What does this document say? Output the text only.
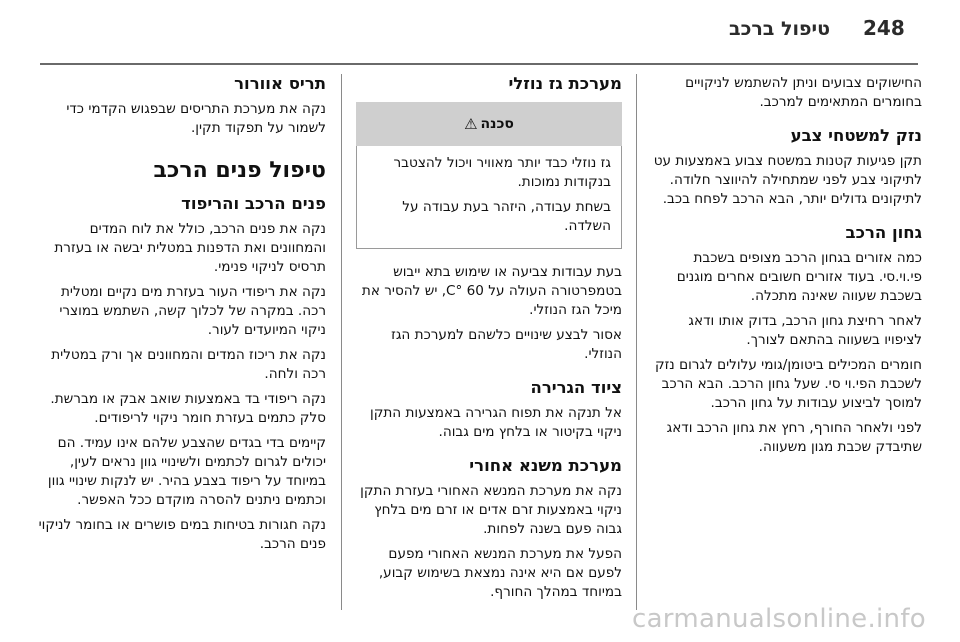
טיפול ברכב 248

החישוקים צבועים וניתן להשתמש לניקויים בחומרים המתאימים למרכב.

נזק למשטחי צבע

תקן פגיעות קטנות במשטח צבוע באמצעות עט לתיקוני צבע לפני שמתחילה להיווצר חלודה. לתיקונים גדולים יותר, הבא הרכב לפחח בכב.

גחון הרכב

כמה אזורים בגחון הרכב מצופים בשכבת פי.וי.סי. בעוד אזורים חשובים אחרים מוגנים בשכבת שעווה שאינה מתכלה.

לאחר רחיצת גחון הרכב, בדוק אותו ודאג לציפויו בשעווה בהתאם לצורך.

חומרים המכילים ביטומן/גומי עלולים לגרום נזק לשכבת הפי.וי סי. שעל גחון הרכב. הבא הרכב למוסך לביצוע עבודות על גחון הרכב.

לפני ולאחר החורף, רחץ את גחון הרכב ודאג שתיבדק שכבת מגון משעווה.

מערכת גז נוזלי
סכנה
⚠

גז נוזלי כבד יותר מאוויר ויכול להצטבר בנקודות נמוכות.

בשחת עבודה, היזהר בעת עבודה על השלדה.

בעת עבודות צביעה או שימוש בתא ייבוש בטמפרטורה העולה על 60 °C, יש להסיר את מיכל הגז הנוזלי.

אסור לבצע שינויים כלשהם למערכת הגז הנוזלי.

ציוד הגרירה

אל תנקה את תפוח הגרירה באמצעות התקן ניקוי בקיטור או בלחץ מים גבוה.

מערכת משנא אחורי

נקה את מערכת המנשא האחורי בעזרת התקן ניקוי באמצעות זרם אדים או זרם מים בלחץ גבוה פעם בשנה לפחות.

הפעל את מערכת המנשא האחורי מפעם לפעם אם היא אינה נמצאת בשימוש קבוע, במיוחד במהלך החורף.

תריס אוורור

נקה את מערכת התריסים שבפגוש הקדמי כדי לשמור על תפקוד תקין.

טיפול פנים הרכב
פנים הרכב והריפוד

נקה את פנים הרכב, כולל את לוח המדים והמחוונים ואת הדפנות במטלית יבשה או בעזרת תרסיס לניקוי פנימי.

נקה את ריפודי העור בעזרת מים נקיים ומטלית רכה. במקרה של לכלוך קשה, השתמש במוצרי ניקוי המיועדים לעור.

נקה את ריכוז המדים והמחוונים אך ורק במטלית רכה ולחה.

נקה ריפודי בד באמצעות שואב אבק או מברשת. סלק כתמים בעזרת חומר ניקוי לריפודים.

קיימים בדי בגדים שהצבע שלהם אינו עמיד. הם יכולים לגרום לכתמים ולשינויי גוון נראים לעין, במיוחד על ריפוד בצבע בהיר. יש לנקות שינויי גוון וכתמים ניתנים להסרה מוקדם ככל האפשר.

נקה חגורות בטיחות במים פושרים או בחומר לניקוי פנים הרכב.

carmanualsonline.info
